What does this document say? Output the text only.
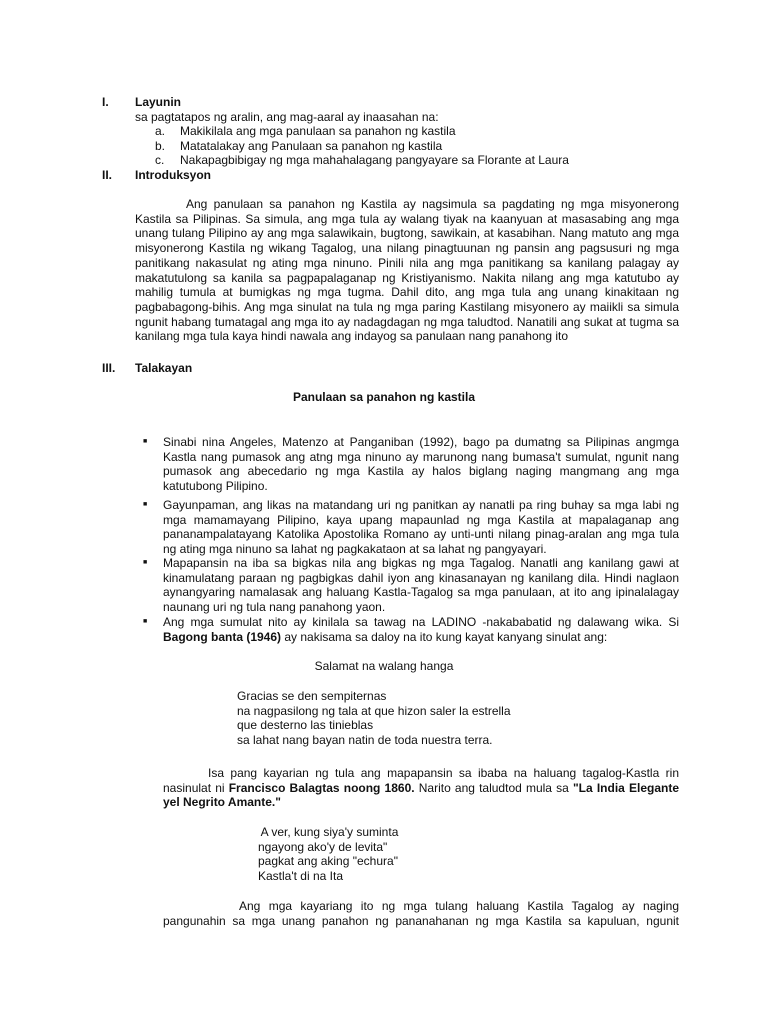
I. Layunin
sa pagtatapos ng aralin, ang mag-aaral ay inaasahan na:
a. Makikilala ang mga panulaan sa panahon ng kastila
b. Matatalakay ang Panulaan sa panahon ng kastila
c. Nakapagbibigay ng mga mahahalagang pangyayare sa Florante at Laura
II. Introduksyon
Ang panulaan sa panahon ng Kastila ay nagsimula sa pagdating ng mga misyonerong Kastila sa Pilipinas. Sa simula, ang mga tula ay walang tiyak na kaanyuan at masasabing ang mga unang tulang Pilipino ay ang mga salawikain, bugtong, sawikain, at kasabihan. Nang matuto ang mga misyonerong Kastila ng wikang Tagalog, una nilang pinagtuunan ng pansin ang pagsusuri ng mga panitikang nakasulat ng ating mga ninuno. Pinili nila ang mga panitikang sa kanilang palagay ay makatutulong sa kanila sa pagpapalaganap ng Kristiyanismo. Nakita nilang ang mga katutubo ay mahilig tumula at bumigkas ng mga tugma. Dahil dito, ang mga tula ang unang kinakitaan ng pagbabagong-bihis. Ang mga sinulat na tula ng mga paring Kastilang misyonero ay maiikli sa simula ngunit habang tumatagal ang mga ito ay nadagdagan ng mga taludtod. Nanatili ang sukat at tugma sa kanilang mga tula kaya hindi nawala ang indayog sa panulaan nang panahong ito
III. Talakayan
Panulaan sa panahon ng kastila
■ Sinabi nina Angeles, Matenzo at Panganiban (1992), bago pa dumatng sa Pilipinas angmga Kastla nang pumasok ang atng mga ninuno ay marunong nang bumasa't sumulat, ngunit nang pumasok ang abecedario ng mga Kastila ay halos biglang naging mangmang ang mga katutubong Pilipino.
■ Gayunpaman, ang likas na matandang uri ng panitkan ay nanatli pa ring buhay sa mga labi ng mga mamamayang Pilipino, kaya upang mapaunlad ng mga Kastila at mapalaganap ang pananampalatayang Katolika Apostolika Romano ay unti-unti nilang pinag-aralan ang mga tula ng ating mga ninuno sa lahat ng pagkakataon at sa lahat ng pangyayari.
■ Mapapansin na iba sa bigkas nila ang bigkas ng mga Tagalog. Nanatli ang kanilang gawi at kinamulatang paraan ng pagbigkas dahil iyon ang kinasanayan ng kanilang dila. Hindi naglaon aynangyaring namalasak ang haluang Kastla-Tagalog sa mga panulaan, at ito ang ipinalalagay naunang uri ng tula nang panahong yaon.
■ Ang mga sumulat nito ay kinilala sa tawag na LADINO -nakababatid ng dalawang wika. Si Bagong banta (1946) ay nakisama sa daloy na ito kung kayat kanyang sinulat ang:
Salamat na walang hanga
Gracias se den sempiternas
na nagpasilong ng tala at que hizon saler la estrella
que desterno las tinieblas
sa lahat nang bayan natin de toda nuestra terra.
Isa pang kayarian ng tula ang mapapansin sa ibaba na haluang tagalog-Kastla rin nasinulat ni Francisco Balagtas noong 1860. Narito ang taludtod mula sa "La India Elegante yel Negrito Amante."
A ver, kung siya'y suminta
ngayong ako'y de levita"
pagkat ang aking "echura"
Kastla't di na Ita
Ang mga kayariang ito ng mga tulang haluang Kastila Tagalog ay naging pangunahin sa mga unang panahon ng pananahanan ng mga Kastila sa kapuluan, ngunit
